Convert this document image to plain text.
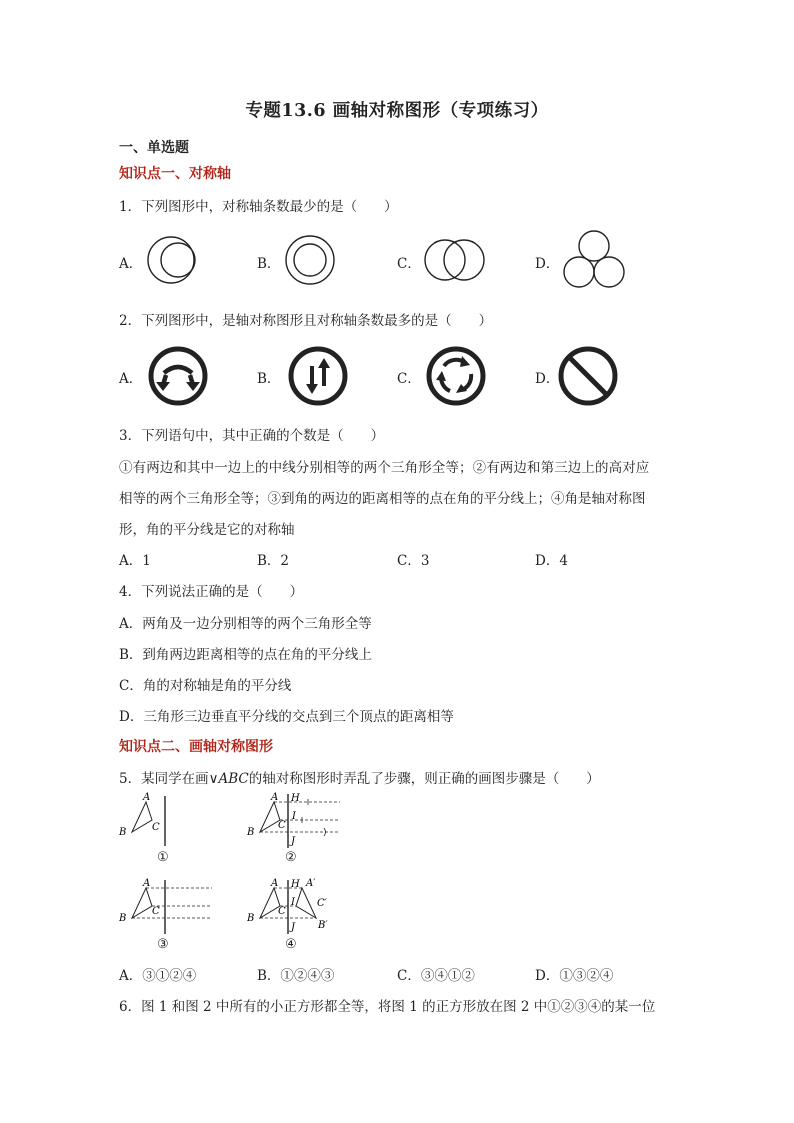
专题13.6 画轴对称图形（专项练习）
一、单选题
知识点一、对称轴
1．下列图形中，对称轴条数最少的是（　　）
A．	B．	C．	D．
2．下列图形中，是轴对称图形且对称轴条数最多的是（　　）
A．	B．	C．	D．
3．下列语句中，其中正确的个数是（　　）
①有两边和其中一边上的中线分别相等的两个三角形全等；②有两边和第三边上的高对应
相等的两个三角形全等；③到角的两边的距离相等的点在角的平分线上；④角是轴对称图
形，角的平分线是它的对称轴
A．1	B．2	C．3	D．4
4．下列说法正确的是（　　）
A．两角及一边分别相等的两个三角形全等
B．到角两边距离相等的点在角的平分线上
C．角的对称轴是角的平分线
D．三角形三边垂直平分线的交点到三个顶点的距离相等
知识点二、画轴对称图形
5．某同学在画∨ABC的轴对称图形时弄乱了步骤，则正确的画图步骤是（　　）
A
B	C
①
A
B
C
H
I
J
②
A
B
C
③
A
B
C
H
I
J
A′
B′
C′
④
A．③①②④	B．①②④③	C．③④①②	D．①③②④
6．图 1 和图 2 中所有的小正方形都全等，将图 1 的正方形放在图 2 中①②③④的某一位
